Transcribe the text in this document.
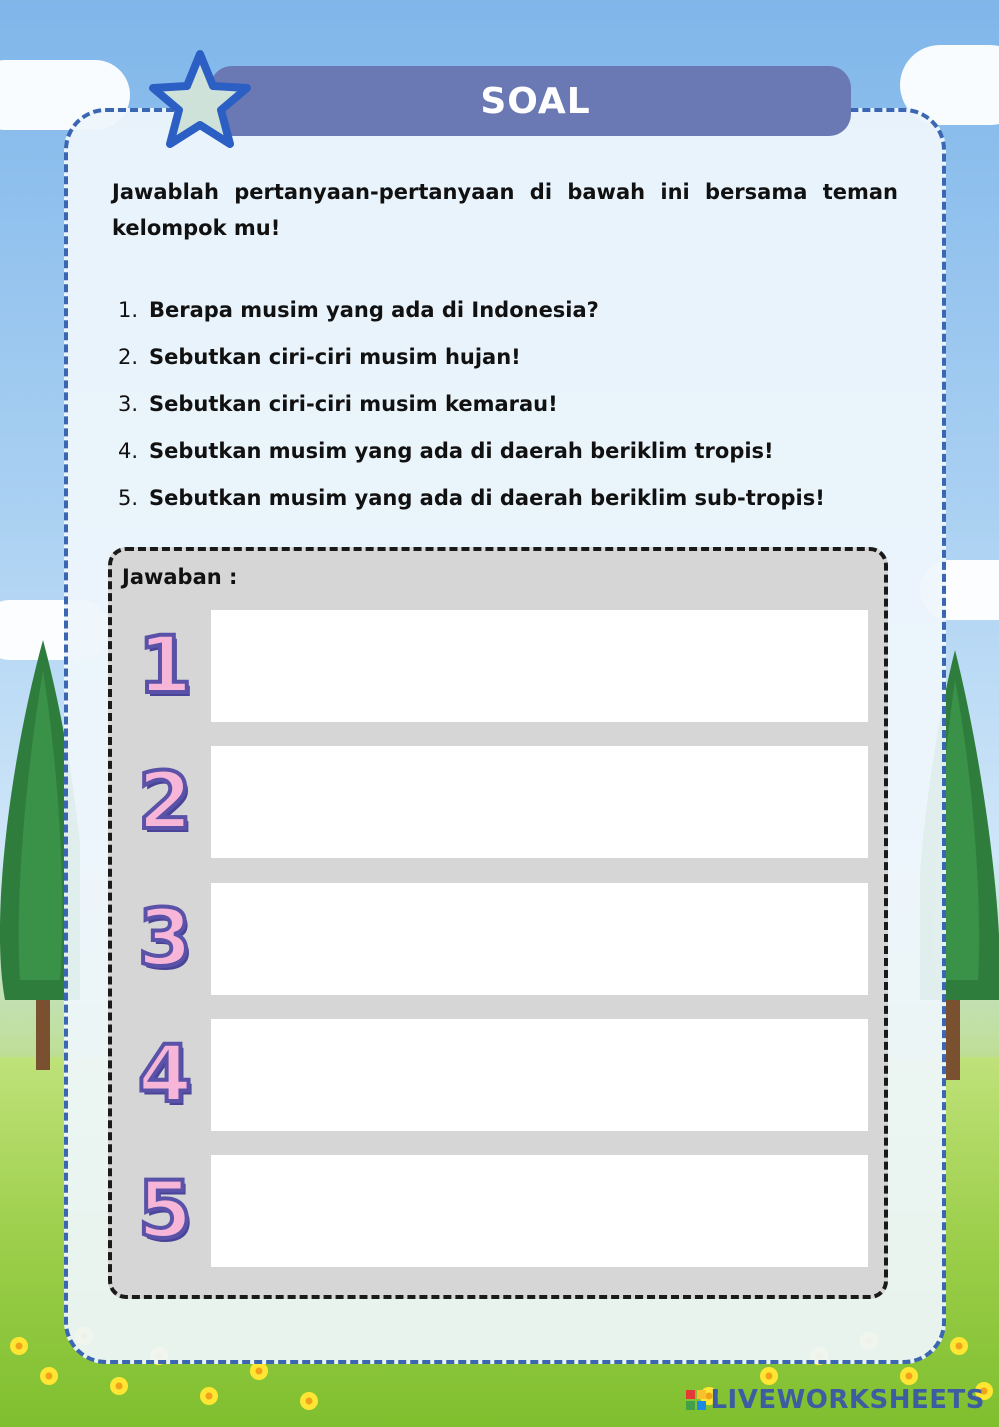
SOAL

Jawablah pertanyaan-pertanyaan di bawah ini bersama teman kelompok mu!

1. Berapa musim yang ada di Indonesia?
2. Sebutkan ciri-ciri musim hujan!
3. Sebutkan ciri-ciri musim kemarau!
4. Sebutkan musim yang ada di daerah beriklim tropis!
5. Sebutkan musim yang ada di daerah beriklim sub-tropis!
Jawaban :
1
2
3
4
5
LIVEWORKSHEETS
